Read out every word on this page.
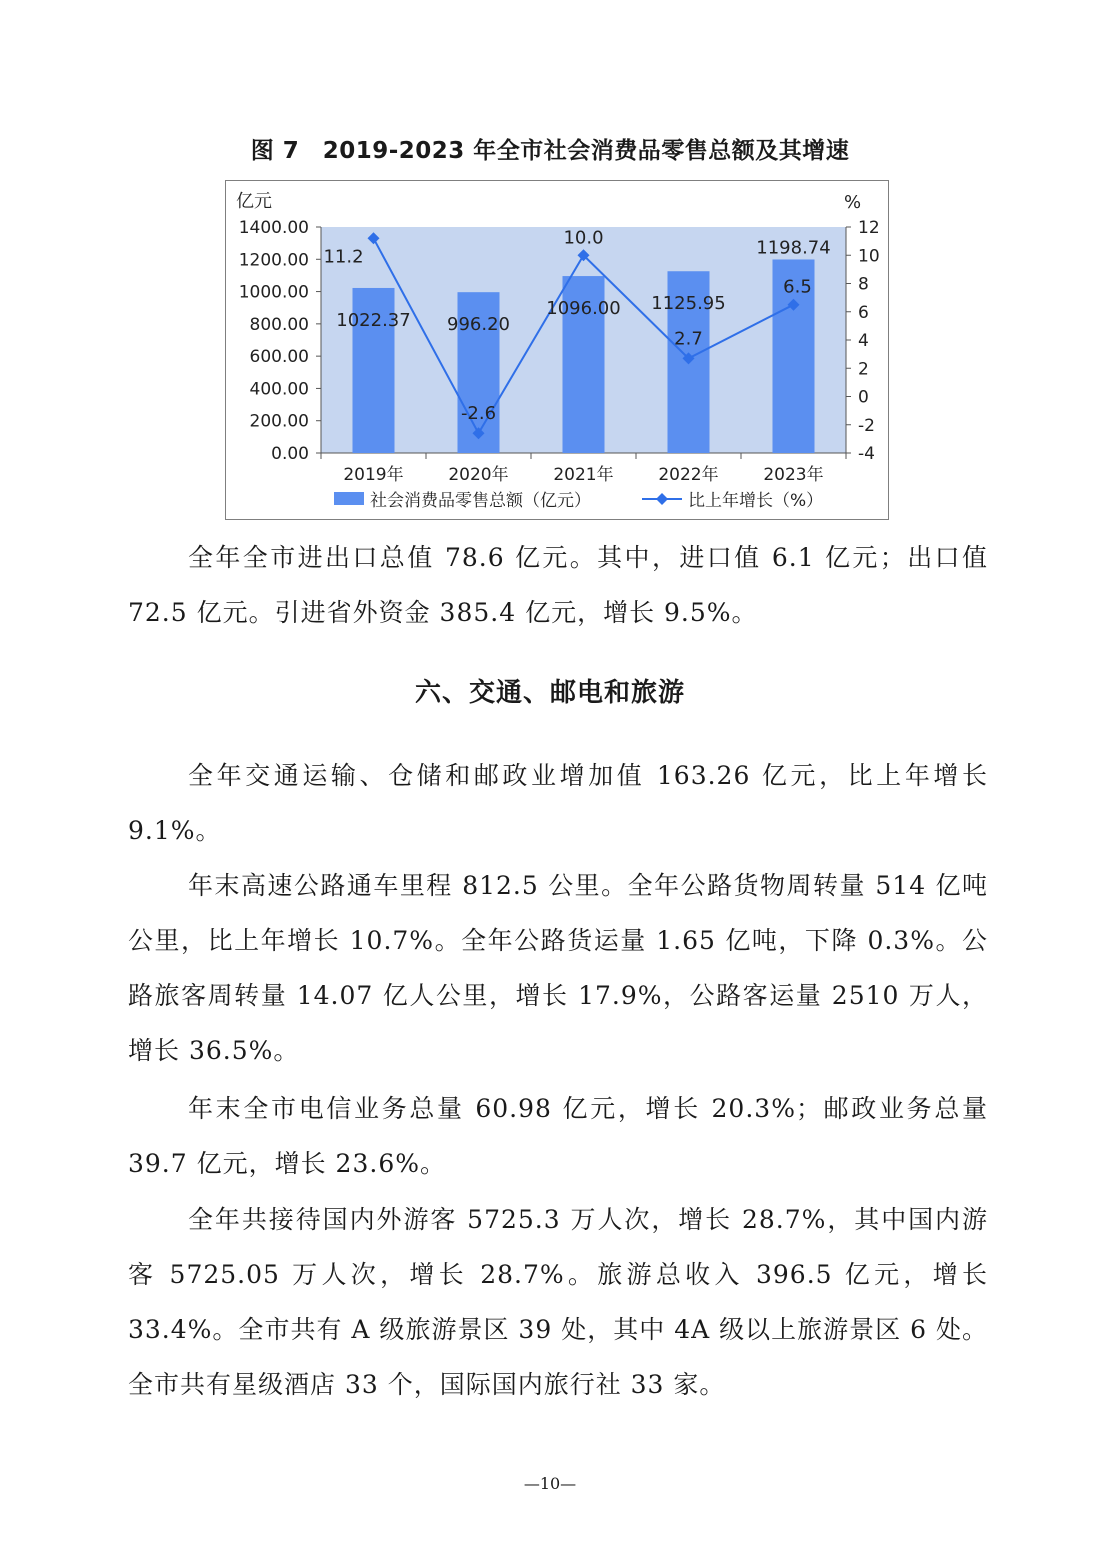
图 7　2019-2023 年全市社会消费品零售总额及其增速
亿元	%
0.00
200.00
400.00
600.00
800.00
1000.00
1200.00
1400.00
-4
-2
0
2
4
6
8
10
12
2019年	2020年	2021年	2022年	2023年
1022.37 996.20
1096.00 1125.95
1198.74
11.2
-2.6
10.0
2.7
6.5
社会消费品零售总额（亿元）	比上年增长（%）
全年全市进出口总值 78.6 亿元。其中，进口值 6.1 亿元；出口值 72.5 亿元。引进省外资金 385.4 亿元，增长 9.5%。
六、交通、邮电和旅游
全年交通运输、仓储和邮政业增加值 163.26 亿元，比上年增长 9.1%。
年末高速公路通车里程 812.5 公里。全年公路货物周转量 514 亿吨公里，比上年增长 10.7%。全年公路货运量 1.65 亿吨，下降 0.3%。公路旅客周转量 14.07 亿人公里，增长 17.9%，公路客运量 2510 万人，增长 36.5%。
年末全市电信业务总量 60.98 亿元，增长 20.3%；邮政业务总量 39.7 亿元，增长 23.6%。
全年共接待国内外游客 5725.3 万人次，增长 28.7%，其中国内游客 5725.05 万人次，增长 28.7%。旅游总收入 396.5 亿元，增长 33.4%。全市共有 A 级旅游景区 39 处，其中 4A 级以上旅游景区 6 处。全市共有星级酒店 33 个，国际国内旅行社 33 家。
—10—
